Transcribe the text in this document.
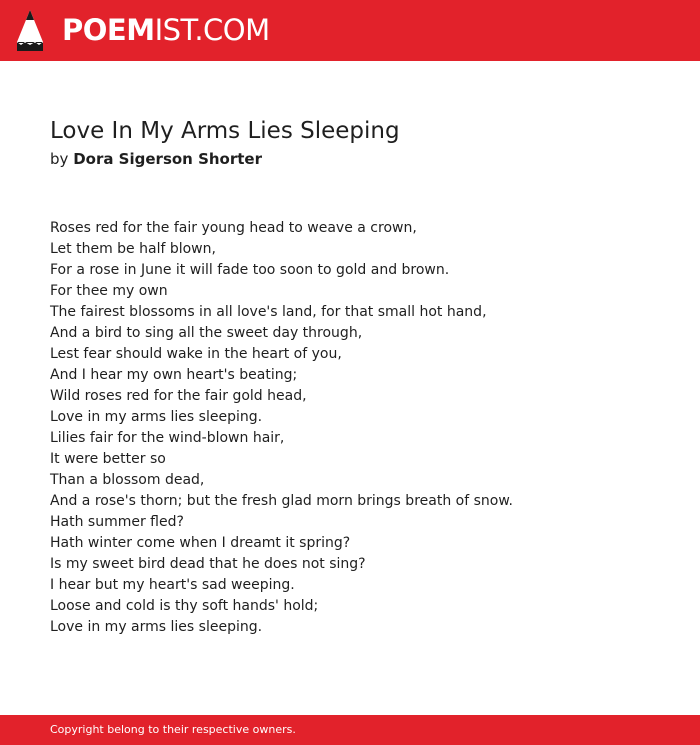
POEMIST.COM
Love In My Arms Lies Sleeping
by Dora Sigerson Shorter
Roses red for the fair young head to weave a crown,
Let them be half blown,
For a rose in June it will fade too soon to gold and brown.
For thee my own
The fairest blossoms in all love's land, for that small hot hand,
And a bird to sing all the sweet day through,
Lest fear should wake in the heart of you,
And I hear my own heart's beating;
Wild roses red for the fair gold head,
Love in my arms lies sleeping.
Lilies fair for the wind-blown hair,
It were better so
Than a blossom dead,
And a rose's thorn; but the fresh glad morn brings breath of snow.
Hath summer fled?
Hath winter come when I dreamt it spring?
Is my sweet bird dead that he does not sing?
I hear but my heart's sad weeping.
Loose and cold is thy soft hands' hold;
Love in my arms lies sleeping.
Copyright belong to their respective owners.
